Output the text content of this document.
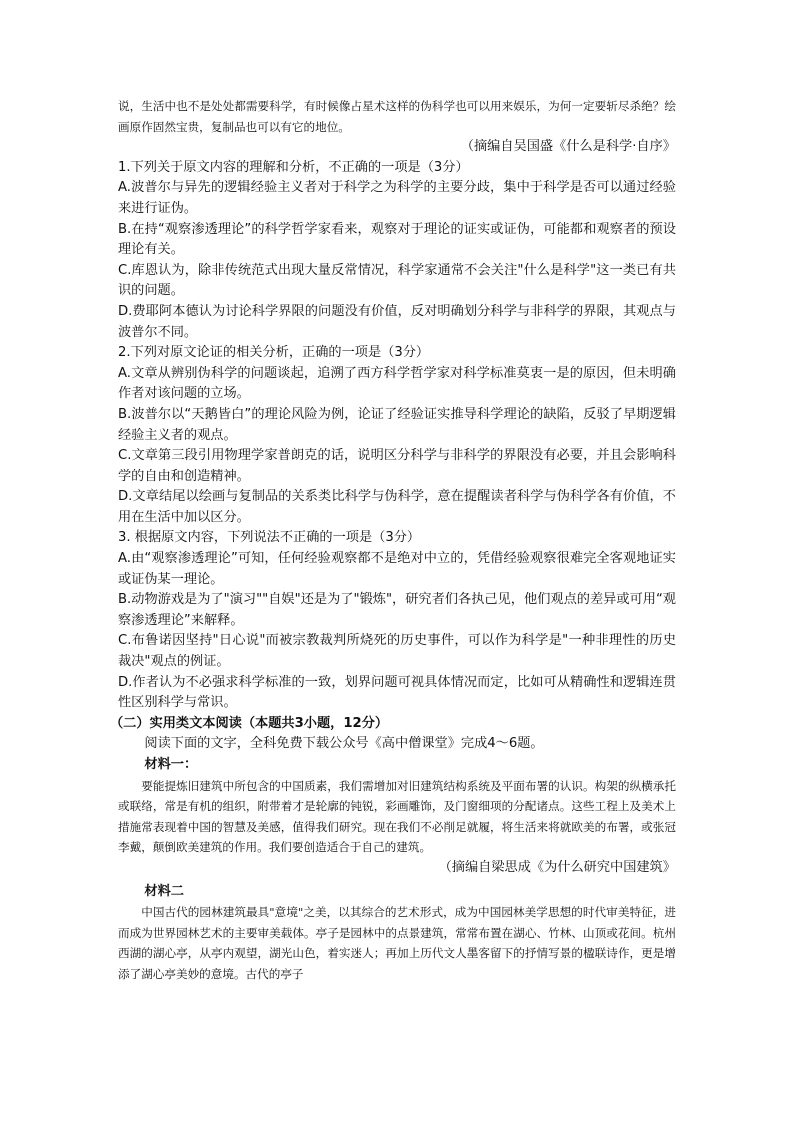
说，生活中也不是处处都需要科学，有时候像占星术这样的伪科学也可以用来娱乐，为何一定要斩尽杀绝？绘画原作固然宝贵，复制品也可以有它的地位。

（摘编自吴国盛《什么是科学·自序》

1.下列关于原文内容的理解和分析，不正确的一项是（3分）

A.波普尔与异先的逻辑经验主义者对于科学之为科学的主要分歧，集中于科学是否可以通过经验来进行证伪。

B.在持“观察渗透理论”的科学哲学家看来，观察对于理论的证实或证伪，可能都和观察者的预设理论有关。

C.库恩认为，除非传统范式出现大量反常情况，科学家通常不会关注"什么是科学"这一类已有共识的问题。

D.费耶阿本德认为讨论科学界限的问题没有价值，反对明确划分科学与非科学的界限，其观点与波普尔不同。

2.下列对原文论证的相关分析，正确的一项是（3分）

A.文章从辨别伪科学的问题谈起，追溯了西方科学哲学家对科学标准莫衷一是的原因，但未明确作者对该问题的立场。

B.波普尔以“天鹅皆白”的理论风险为例，论证了经验证实推导科学理论的缺陷，反驳了早期逻辑经验主义者的观点。

C.文章第三段引用物理学家普朗克的话，说明区分科学与非科学的界限没有必要，并且会影响科学的自由和创造精神。

D.文章结尾以绘画与复制品的关系类比科学与伪科学，意在提醒读者科学与伪科学各有价值，不用在生活中加以区分。

3. 根据原文内容，下列说法不正确的一项是（3分）

A.由“观察渗透理论”可知，任何经验观察都不是绝对中立的，凭借经验观察很难完全客观地证实或证伪某一理论。

B.动物游戏是为了"演习""自娱"还是为了"锻炼"，研究者们各执己见，他们观点的差异或可用“观察渗透理论”来解释。

C.布鲁诺因坚持"日心说"而被宗教裁判所烧死的历史事件，可以作为科学是"一种非理性的历史裁决"观点的例证。

D.作者认为不必强求科学标准的一致，划界问题可视具体情况而定，比如可从精确性和逻辑连贯性区别科学与常识。

（二）实用类文本阅读（本题共3小题，12分）

阅读下面的文字，全科免费下载公众号《高中僧课堂》完成4～6题。

材料一：

要能提炼旧建筑中所包含的中国质素，我们需增加对旧建筑结构系统及平面布署的认识。构架的纵横承托或联络，常是有机的组织，附带着才是轮廓的钝锐，彩画雕饰，及门窗细项的分配诸点。这些工程上及美术上措施常表现着中国的智慧及美感，值得我们研究。现在我们不必削足就履，将生活来将就欧美的布署，或张冠李戴，颠倒欧美建筑的作用。我们要创造适合于自己的建筑。

（摘编自梁思成《为什么研究中国建筑》

材料二

中国古代的园林建筑最具"意境"之美，以其综合的艺术形式，成为中国园林美学思想的时代审美特征，进而成为世界园林艺术的主要审美载体。亭子是园林中的点景建筑，常常布置在湖心、竹林、山顶或花间。杭州西湖的湖心亭，从亭内观望，湖光山色，着实迷人；再加上历代文人墨客留下的抒情写景的楹联诗作，更是增添了湖心亭美妙的意境。古代的亭子
